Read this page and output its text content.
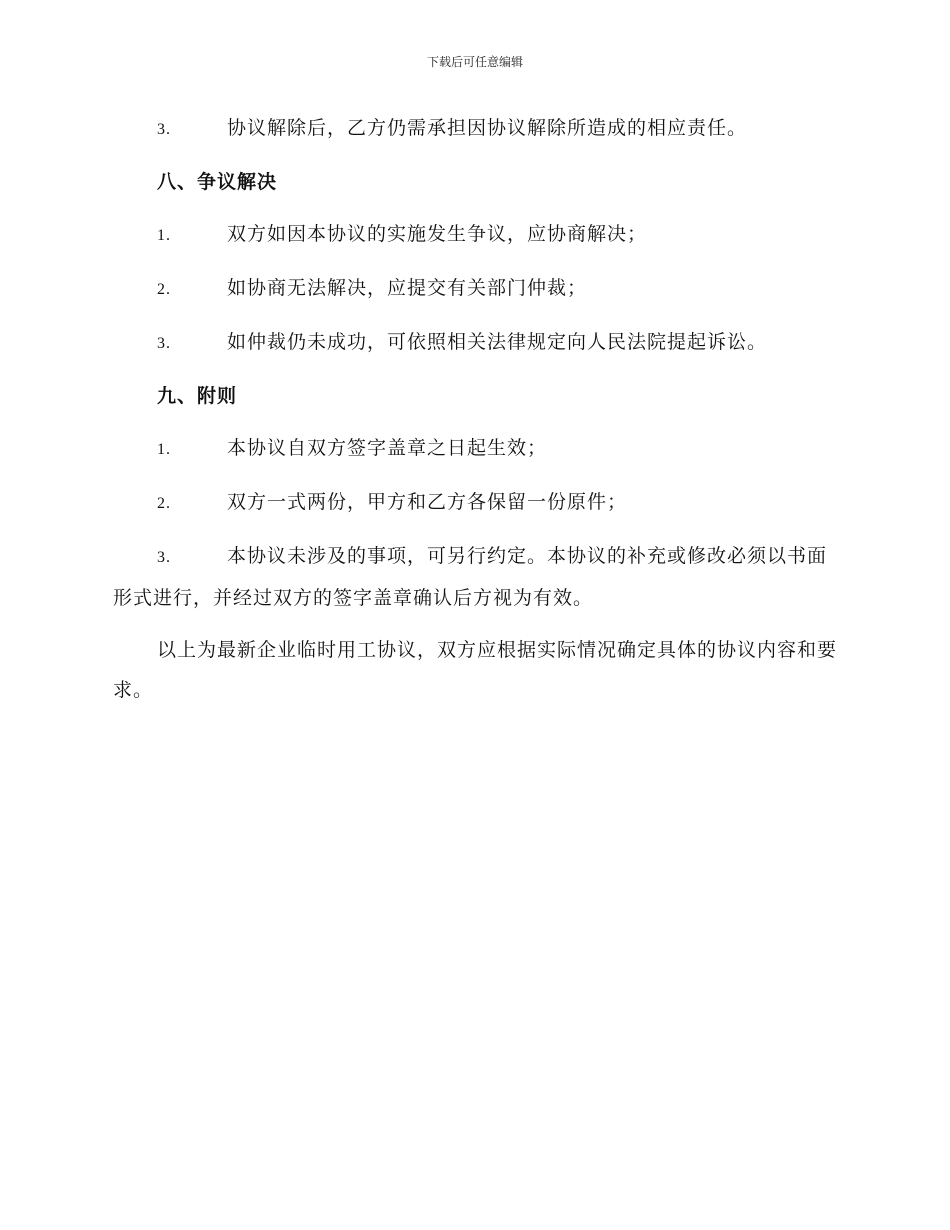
下载后可任意编辑
3.	协议解除后，乙方仍需承担因协议解除所造成的相应责任。
八、争议解决
1.	双方如因本协议的实施发生争议，应协商解决；
2.	如协商无法解决，应提交有关部门仲裁；
3.	如仲裁仍未成功，可依照相关法律规定向人民法院提起诉讼。
九、附则
1.	本协议自双方签字盖章之日起生效；
2.	双方一式两份，甲方和乙方各保留一份原件；
3.	本协议未涉及的事项，可另行约定。本协议的补充或修改必须以书面形式进行，并经过双方的签字盖章确认后方视为有效。
以上为最新企业临时用工协议，双方应根据实际情况确定具体的协议内容和要求。
